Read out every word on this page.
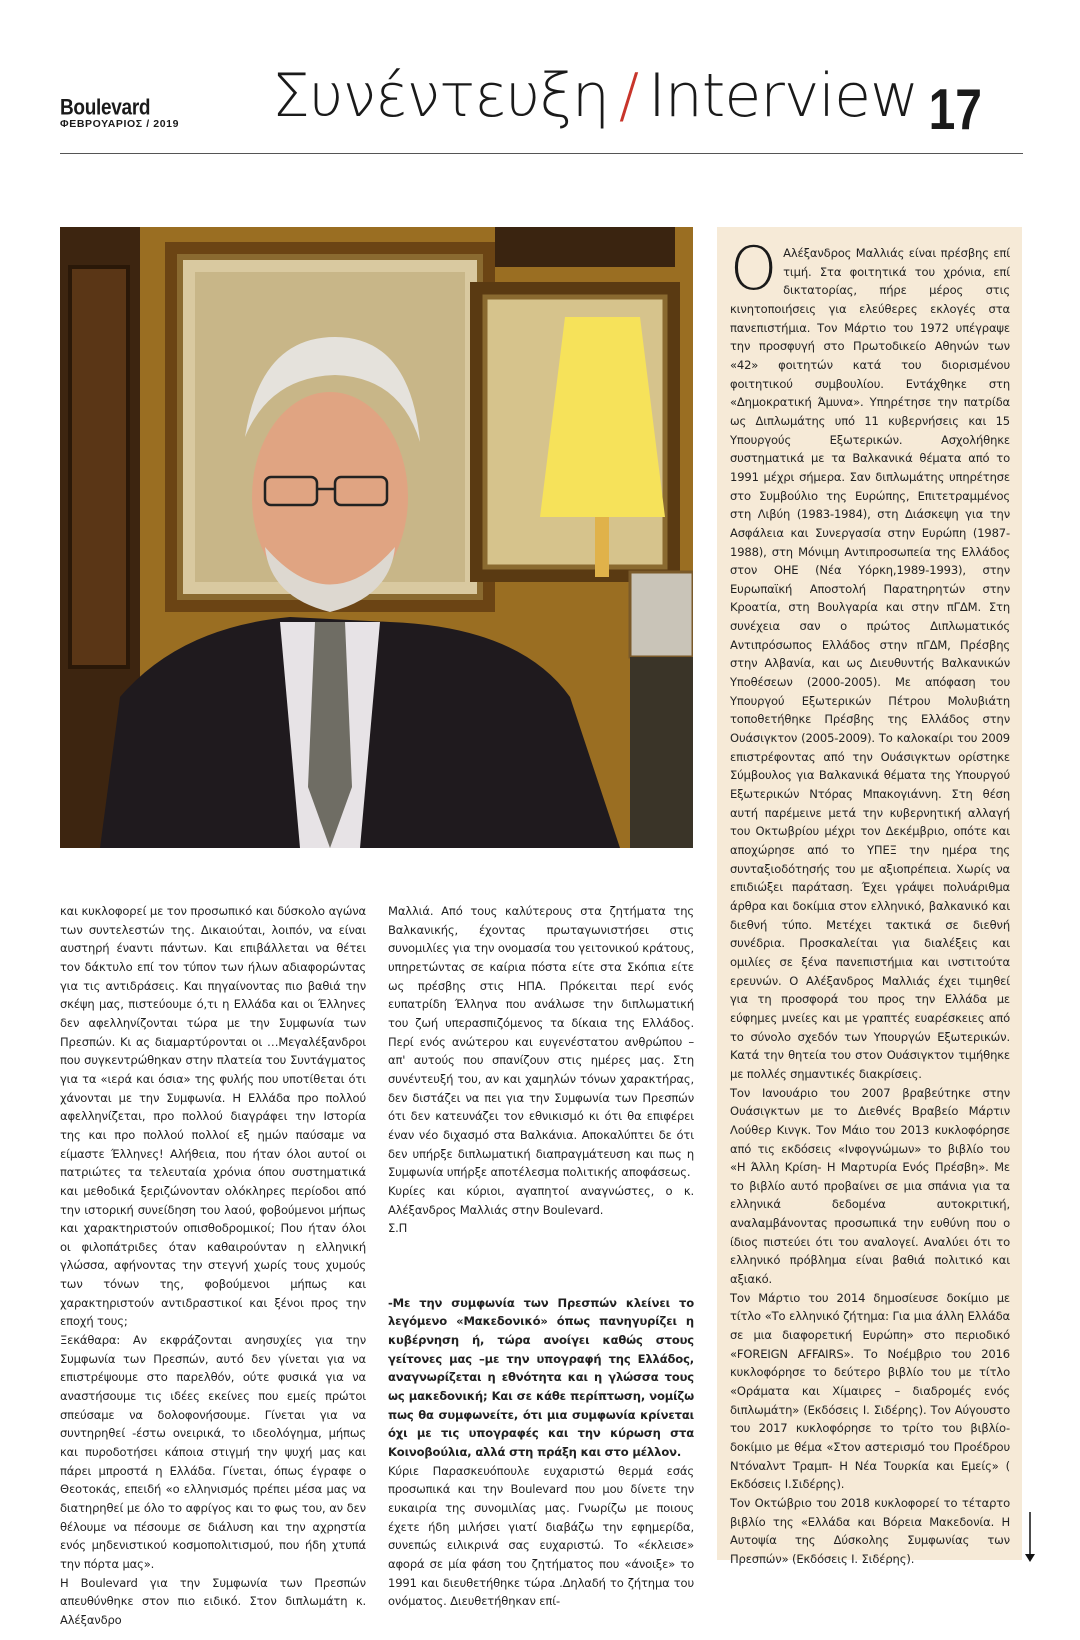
Boulevard
ΦΕΒΡΟΥΑΡΙΟΣ / 2019 Συνέντευξη / Interview 17

και κυκλοφορεί με τον προσωπικό και δύσκολο αγώνα των συντελεστών της. Δικαιούται, λοιπόν, να είναι αυστηρή έναντι πάντων. Και επιβάλλεται να θέτει τον δάκτυλο επί τον τύπον των ήλων αδιαφορώντας για τις αντιδράσεις. Και πηγαίνοντας πιο βαθιά την σκέψη μας, πιστεύουμε ό,τι η Ελλάδα και οι Έλληνες δεν αφελληνίζονται τώρα με την Συμφωνία των Πρεσπών. Κι ας διαμαρτύρονται οι …Μεγαλέξανδροι που συγκεντρώθηκαν στην πλατεία του Συντάγματος για τα «ιερά και όσια» της φυλής που υποτίθεται ότι χάνονται με την Συμφωνία. Η Ελλάδα προ πολλού αφελληνίζεται, προ πολλού διαγράφει την Ιστορία της και προ πολλού πολλοί εξ ημών παύσαμε να είμαστε Έλληνες! Αλήθεια, που ήταν όλοι αυτοί οι πατριώτες τα τελευταία χρόνια όπου συστηματικά και μεθοδικά ξεριζώνονταν ολόκληρες περίοδοι από την ιστορική συνείδηση του λαού, φοβούμενοι μήπως και χαρακτηριστούν οπισθοδρομικοί; Που ήταν όλοι οι φιλοπάτριδες όταν καθαιρούνταν η ελληνική γλώσσα, αφήνοντας την στεγνή χωρίς τους χυμούς των τόνων της, φοβούμενοι μήπως και χαρακτηριστούν αντιδραστικοί και ξένοι προς την εποχή τους;

Ξεκάθαρα: Αν εκφράζονται ανησυχίες για την Συμφωνία των Πρεσπών, αυτό δεν γίνεται για να επιστρέψουμε στο παρελθόν, ούτε φυσικά για να αναστήσουμε τις ιδέες εκείνες που εμείς πρώτοι σπεύσαμε να δολοφονήσουμε. Γίνεται για να συντηρηθεί -έστω ονειρικά, το ιδεολόγημα, μήπως και πυροδοτήσει κάποια στιγμή την ψυχή μας και πάρει μπροστά η Ελλάδα. Γίνεται, όπως έγραφε ο Θεοτοκάς, επειδή «ο ελληνισμός πρέπει μέσα μας να διατηρηθεί με όλο το αφρίγος και το φως του, αν δεν θέλουμε να πέσουμε σε διάλυση και την αχρηστία ενός μηδενιστικού κοσμοπολιτισμού, που ήδη χτυπά την πόρτα μας».

Η Boulevard για την Συμφωνία των Πρεσπών απευθύνθηκε στον πιο ειδικό. Στον διπλωμάτη κ. Αλέξανδρο

Μαλλιά. Από τους καλύτερους στα ζητήματα της Βαλκανικής, έχοντας πρωταγωνιστήσει στις συνομιλίες για την ονομασία του γειτονικού κράτους, υπηρετώντας σε καίρια πόστα είτε στα Σκόπια είτε ως πρέσβης στις ΗΠΑ. Πρόκειται περί ενός ευπατρίδη Έλληνα που ανάλωσε την διπλωματική του ζωή υπερασπιζόμενος τα δίκαια της Ελλάδος. Περί ενός ανώτερου και ευγενέστατου ανθρώπου –απ' αυτούς που σπανίζουν στις ημέρες μας. Στη συνέντευξή του, αν και χαμηλών τόνων χαρακτήρας, δεν διστάζει να πει για την Συμφωνία των Πρεσπών ότι δεν κατευνάζει τον εθνικισμό κι ότι θα επιφέρει έναν νέο διχασμό στα Βαλκάνια. Αποκαλύπτει δε ότι δεν υπήρξε διπλωματική διαπραγμάτευση και πως η Συμφωνία υπήρξε αποτέλεσμα πολιτικής αποφάσεως.

Κυρίες και κύριοι, αγαπητοί αναγνώστες, ο κ. Αλέξανδρος Μαλλιάς στην Boulevard.

Σ.Π

-Με την συμφωνία των Πρεσπών κλείνει το λεγόμενο «Μακεδονικό» όπως πανηγυρίζει η κυβέρνηση ή, τώρα ανοίγει καθώς στους γείτονες μας –με την υπογραφή της Ελλάδος, αναγνωρίζεται η εθνότητα και η γλώσσα τους ως μακεδονική; Και σε κάθε περίπτωση, νομίζω πως θα συμφωνείτε, ότι μια συμφωνία κρίνεται όχι με τις υπογραφές και την κύρωση στα Κοινοβούλια, αλλά στη πράξη και στο μέλλον.

Κύριε Παρασκευόπουλε ευχαριστώ θερμά εσάς προσωπικά και την Boulevard που μου δίνετε την ευκαιρία της συνομιλίας μας. Γνωρίζω με ποιους έχετε ήδη μιλήσει γιατί διαβάζω την εφημερίδα, συνεπώς ειλικρινά σας ευχαριστώ. Το «έκλεισε» αφορά σε μία φάση του ζητήματος που «άνοιξε» το 1991 και διευθετήθηκε τώρα .Δηλαδή το ζήτημα του ονόματος. Διευθετήθηκαν επί-

Ο Αλέξανδρος Μαλλιάς είναι πρέσβης επί τιμή. Στα φοιτητικά του χρόνια, επί δικτατορίας, πήρε μέρος στις κινητοποιήσεις για ελεύθερες εκλογές στα πανεπιστήμια. Τον Μάρτιο του 1972 υπέγραψε την προσφυγή στο Πρωτοδικείο Αθηνών των «42» φοιτητών κατά του διορισμένου φοιτητικού συμβουλίου. Εντάχθηκε στη «Δημοκρατική Άμυνα». Υπηρέτησε την πατρίδα ως Διπλωμάτης υπό 11 κυβερνήσεις και 15 Υπουργούς Εξωτερικών. Ασχολήθηκε συστηματικά με τα Βαλκανικά θέματα από το 1991 μέχρι σήμερα. Σαν διπλωμάτης υπηρέτησε στο Συμβούλιο της Ευρώπης, Επιτετραμμένος στη Λιβύη (1983-1984), στη Διάσκεψη για την Ασφάλεια και Συνεργασία στην Ευρώπη (1987-1988), στη Μόνιμη Αντιπροσωπεία της Ελλάδος στον ΟΗΕ (Νέα Υόρκη,1989-1993), στην Ευρωπαϊκή Αποστολή Παρατηρητών στην Κροατία, στη Βουλγαρία και στην πΓΔΜ. Στη συνέχεια σαν ο πρώτος Διπλωματικός Αντιπρόσωπος Ελλάδος στην πΓΔΜ, Πρέσβης στην Αλβανία, και ως Διευθυντής Βαλκανικών Υποθέσεων (2000-2005). Με απόφαση του Υπουργού Εξωτερικών Πέτρου Μολυβιάτη τοποθετήθηκε Πρέσβης της Ελλάδος στην Ουάσιγκτον (2005-2009). Το καλοκαίρι του 2009 επιστρέφοντας από την Ουάσιγκτων ορίστηκε Σύμβουλος για Βαλκανικά θέματα της Υπουργού Εξωτερικών Ντόρας Μπακογιάννη. Στη θέση αυτή παρέμεινε μετά την κυβερνητική αλλαγή του Οκτωβρίου μέχρι τον Δεκέμβριο, οπότε και αποχώρησε από το ΥΠΕΞ την ημέρα της συνταξιοδότησής του με αξιοπρέπεια. Χωρίς να επιδιώξει παράταση. Έχει γράψει πολυάριθμα άρθρα και δοκίμια στον ελληνικό, βαλκανικό και διεθνή τύπο. Μετέχει τακτικά σε διεθνή συνέδρια. Προσκαλείται για διαλέξεις και ομιλίες σε ξένα πανεπιστήμια και ινστιτούτα ερευνών. Ο Αλέξανδρος Μαλλιάς έχει τιμηθεί για τη προσφορά του προς την Ελλάδα με εύφημες μνείες και με γραπτές ευαρέσκειες από το σύνολο σχεδόν των Υπουργών Εξωτερικών. Κατά την θητεία του στον Ουάσιγκτον τιμήθηκε με πολλές σημαντικές διακρίσεις.

Τον Ιανουάριο του 2007 βραβεύτηκε στην Ουάσιγκτων με το Διεθνές Βραβείο Μάρτιν Λούθερ Κινγκ. Τον Μάιο του 2013 κυκλοφόρησε από τις εκδόσεις «Ινφογνώμων» το βιβλίο του «Η Άλλη Κρίση- Η Μαρτυρία Ενός Πρέσβη». Με το βιβλίο αυτό προβαίνει σε μια σπάνια για τα ελληνικά δεδομένα αυτοκριτική, αναλαμβάνοντας προσωπικά την ευθύνη που ο ίδιος πιστεύει ότι του αναλογεί. Αναλύει ότι το ελληνικό πρόβλημα είναι βαθιά πολιτικό και αξιακό.

Τον Μάρτιο του 2014 δημοσίευσε δοκίμιο με τίτλο «Το ελληνικό ζήτημα: Για μια άλλη Ελλάδα σε μια διαφορετική Ευρώπη» στο περιοδικό «FOREIGN AFFAIRS». Το Νοέμβριο του 2016 κυκλοφόρησε το δεύτερο βιβλίο του με τίτλο «Οράματα και Χίμαιρες – διαδρομές ενός διπλωμάτη» (Εκδόσεις Ι. Σιδέρης). Τον Αύγουστο του 2017 κυκλοφόρησε το τρίτο του βιβλίο-δοκίμιο με θέμα «Στον αστερισμό του Προέδρου Ντόναλντ Τραμπ- Η Νέα Τουρκία και Εμείς» ( Εκδόσεις Ι.Σιδέρης).

Τον Οκτώβριο του 2018 κυκλοφορεί το τέταρτο βιβλίο της «Ελλάδα και Βόρεια Μακεδονία. Η Αυτοψία της Δύσκολης Συμφωνίας των Πρεσπών» (Εκδόσεις Ι. Σιδέρης).
